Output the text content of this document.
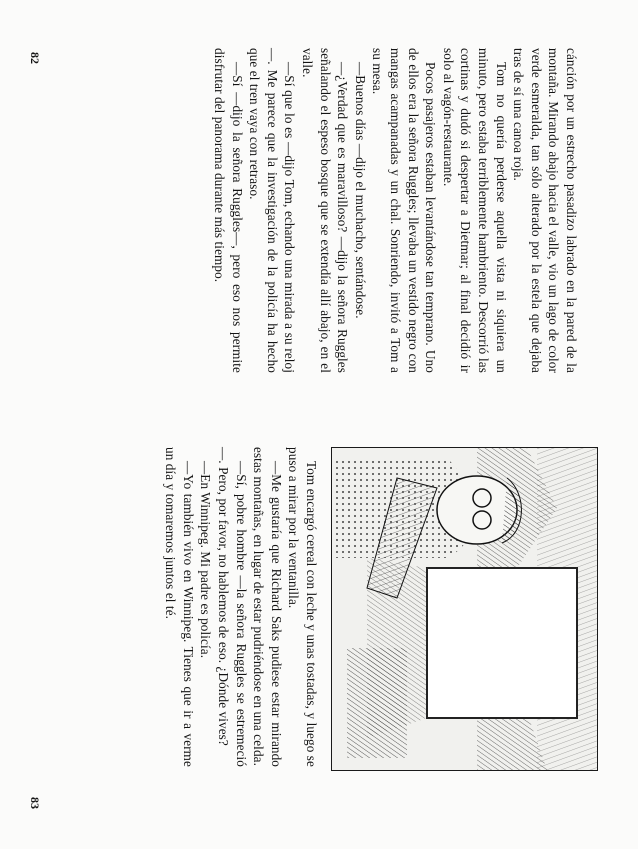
cánción por un estrecho pasadizo labrado en la pared de la montaña. Mirando abajo hacia el valle, vio un lago de color verde esmeralda, tan sólo alterado por la estela que dejaba tras de sí una canoa roja.

Tom no quería perderse aquella vista ni siquiera un minuto, pero estaba terriblemente hambriento. Descorrió las cortinas y dudó si despertar a Dietmar; al final decidió ir solo al vagón-restaurante.

Pocos pasajeros estaban levantándose tan temprano. Uno de ellos era la señora Ruggles; llevaba un vestido negro con mangas acampanadas y un chal. Sonriendo, invitó a Tom a su mesa.

—Buenos días —dijo el muchacho, sentándose.

—¿Verdad que es maravilloso? —dijo la señora Ruggles señalando el espeso bosque que se extendía allí abajo, en el valle.

—Sí que lo es —dijo Tom, echando una mirada a su reloj—. Me parece que la investigación de la policía ha hecho que el tren vaya con retraso.

—Sí —dijo la señora Ruggles—, pero eso nos permite disfrutar del panorama durante más tiempo.

82

Tom encargó cereal con leche y unas tostadas, y luego se puso a mirar por la ventanilla.

—Me gustaría que Richard Saks pudiese estar mirando estas montañas, en lugar de estar pudriéndose en una celda.

—Sí, pobre hombre —la señora Ruggles se estremeció—. Pero, por favor, no hablemos de eso. ¿Dónde vives?

—En Winnipeg. Mi padre es policía.

—Yo también vivo en Winnipeg. Tienes que ir a verme un día y tomaremos juntos el té.

83
